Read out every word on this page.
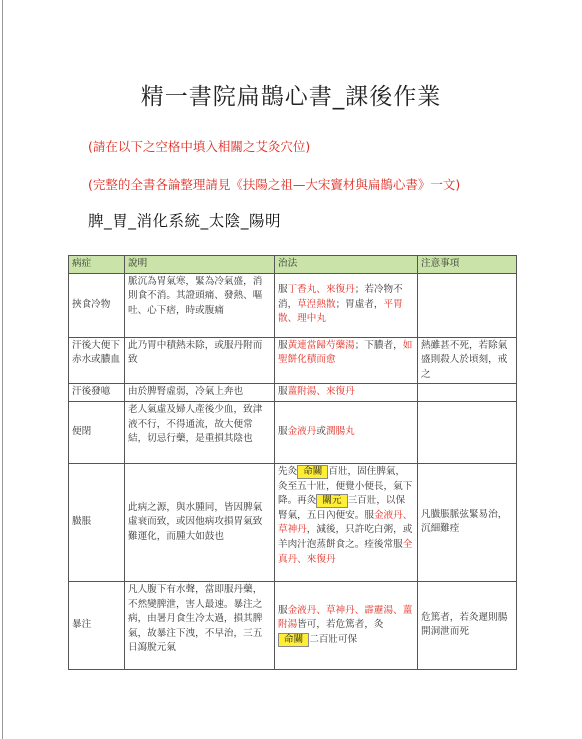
精一書院扁鵲心書_課後作業
(請在以下之空格中填入相關之艾灸穴位)
(完整的全書各論整理請見《扶陽之祖—大宋竇材與扁鵲心書》一文)
脾_胃_消化系統_太陰_陽明
病症	說明	治法	注意事項
挾食冷物	脈沉為胃氣寒，緊為冷氣盛，消則食不消。其證頭痛、發熱、嘔吐、心下痞，時或腹痛	服丁香丸、來復丹；若冷物不消，草湼熱散；胃虛者，平胃散、理中丸	
汗後大便下赤水或膿血	此乃胃中積熱未除，或服丹附而致	服黃連當歸芍藥湯；下膿者，如聖餅化積而愈	熱雖甚不死，若除氣盛則殺人於頃刻，戒之
汗後發噫	由於脾腎虛弱，冷氣上奔也	服薑附湯、來復丹	
便閉	老人氣虛及婦人產後少血，致津液不行，不得通流，故大便常結，切忌行藥，是重損其陰也	服金液丹或潤腸丸	
臌脹	此病之源，與水腫同，皆因脾氣虛衰而致，或因他病攻損胃氣致難運化，而腫大如鼓也	先灸 命關 百壯，固住脾氣，灸至五十壯，便覺小便長，氣下降。再灸 關元 三百壯，以保腎氣，五日內便安。服金液丹、草神丹，減後，只許吃白粥，或羊肉汁泡蒸餅食之。痊後常服全真丹、來復丹	凡臌脹脈弦緊易治，沉細難痊
暴注	凡人腹下有水聲，當即服丹藥，不然變脾泄，害人最速。暴注之病，由暑月食生冷太過，損其脾氣，故暴注下洩，不早治，三五日瀉脫元氣	服金液丹、草神丹、霹靂湯、薑附湯皆可，若危篤者，灸命關 二百壯可保	危篤者，若灸遲則腸開洞泄而死
